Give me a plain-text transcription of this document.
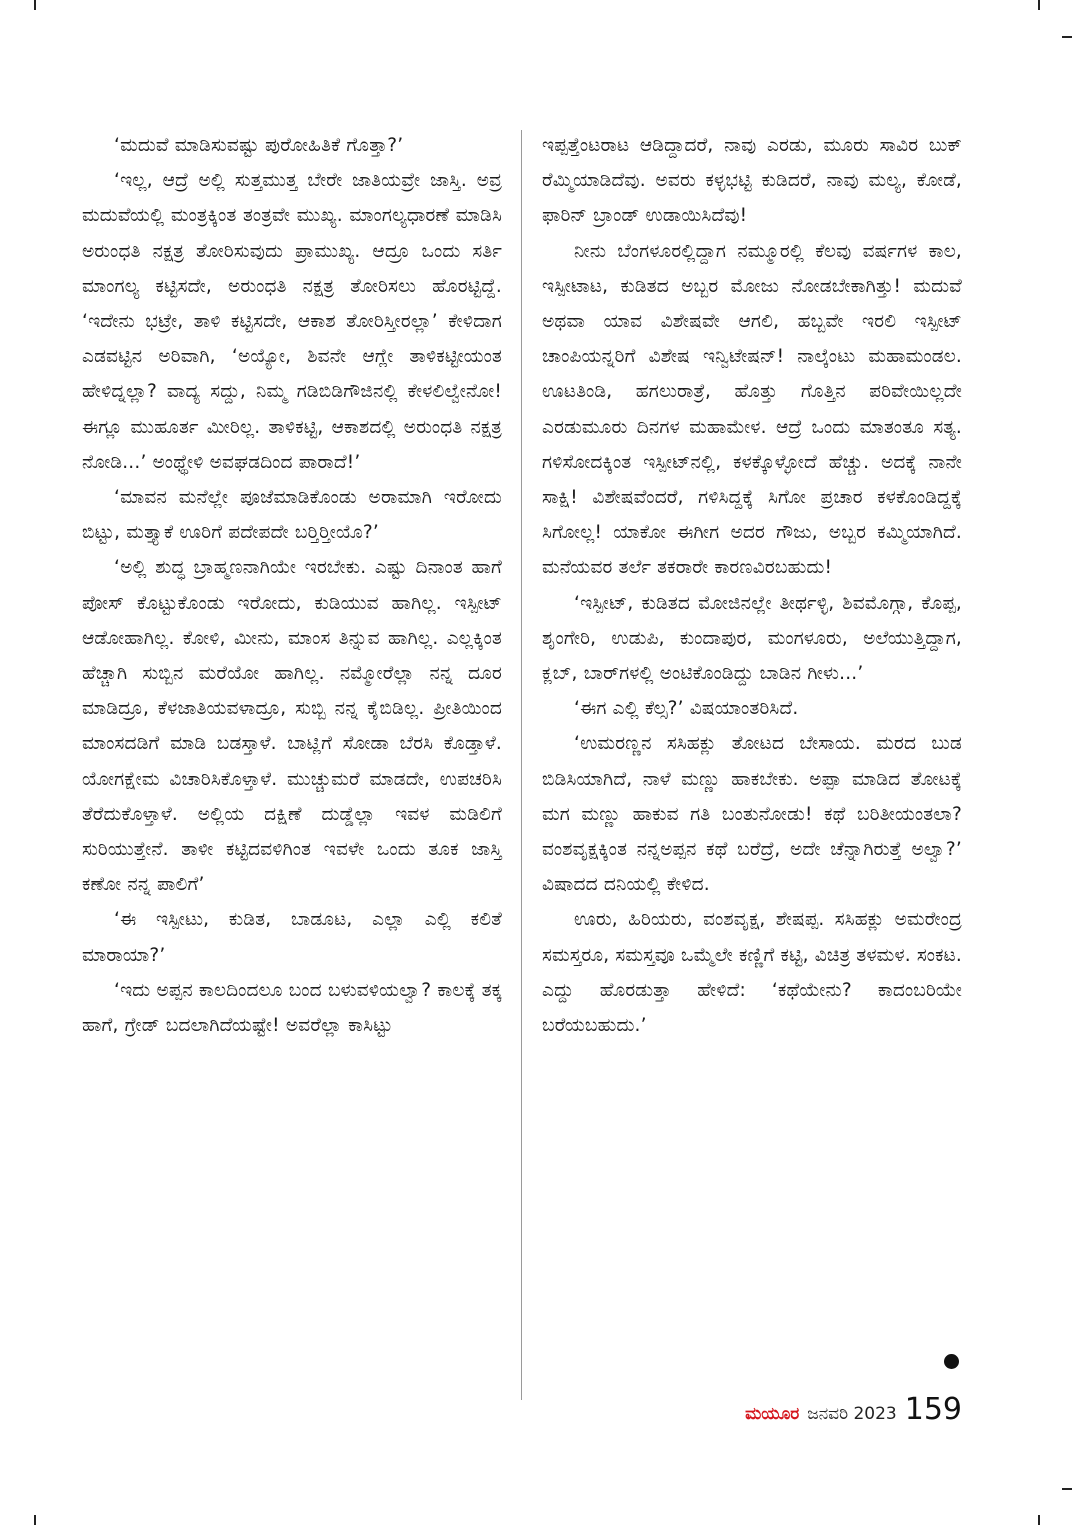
‘ಮದುವೆ ಮಾಡಿಸುವಷ್ಟು ಪುರೋಹಿತಿಕೆ ಗೊತ್ತಾ?’

‘ಇಲ್ಲ, ಆದ್ರೆ ಅಲ್ಲಿ ಸುತ್ತಮುತ್ತ ಬೇರೇ ಜಾತಿಯವ್ರೇ ಜಾಸ್ತಿ. ಅವ್ರ ಮದುವೆಯಲ್ಲಿ ಮಂತ್ರಕ್ಕಿಂತ ತಂತ್ರವೇ ಮುಖ್ಯ. ಮಾಂಗಲ್ಯಧಾರಣೆ ಮಾಡಿಸಿ ಅರುಂಧತಿ ನಕ್ಷತ್ರ ತೋರಿಸುವುದು ಪ್ರಾಮುಖ್ಯ. ಆದ್ರೂ ಒಂದು ಸರ್ತಿ ಮಾಂಗಲ್ಯ ಕಟ್ಟಿಸದೇ, ಅರುಂಧತಿ ನಕ್ಷತ್ರ ತೋರಿಸಲು ಹೊರಟ್ಟಿದ್ದೆ. ‘ಇದೇನು ಭಟ್ರೇ, ತಾಳಿ ಕಟ್ಟಿಸದೇ, ಆಕಾಶ ತೋರಿಸ್ತೀರಲ್ಲಾ’ ಕೇಳಿದಾಗ ಎಡವಟ್ಟಿನ ಅರಿವಾಗಿ, ‘ಅಯ್ಯೋ, ಶಿವನೇ ಆಗ್ಲೇ ತಾಳಿಕಟ್ಟೀಯಂತ ಹೇಳಿದ್ನಲ್ಲಾ? ವಾದ್ಯ ಸದ್ದು, ನಿಮ್ಮ ಗಡಿಬಿಡಿಗೌಜಿನಲ್ಲಿ ಕೇಳಲಿಲ್ವೇನೋ! ಈಗ್ಲೂ ಮುಹೂರ್ತ ಮೀರಿಲ್ಲ. ತಾಳಿಕಟ್ಟಿ, ಆಕಾಶದಲ್ಲಿ ಅರುಂಧತಿ ನಕ್ಷತ್ರ ನೋಡಿ...’ ಅಂಥ್ಥೇಳಿ ಅವಘಡದಿಂದ ಪಾರಾದೆ!’

‘ಮಾವನ ಮನೆಲ್ಲೇ ಪೂಜೆಮಾಡಿಕೊಂಡು ಅರಾಮಾಗಿ ಇರೋದು ಬಿಟ್ಟು, ಮತ್ತ್ಯಾಕೆ ಊರಿಗೆ ಪದೇಪದೇ ಬರ್‍ತಿರ್‍ತೀಯೊ?’

‘ಅಲ್ಲಿ ಶುದ್ಧ ಬ್ರಾಹ್ಮಣನಾಗಿಯೇ ಇರಬೇಕು. ಎಷ್ಟು ದಿನಾಂತ ಹಾಗೆ ಪೋಸ್ ಕೊಟ್ಟುಕೊಂಡು ಇರೋದು, ಕುಡಿಯುವ ಹಾಗಿಲ್ಲ. ಇಸ್ಪೀಟ್ ಆಡೋಹಾಗಿಲ್ಲ. ಕೋಳಿ, ಮೀನು, ಮಾಂಸ ತಿನ್ನುವ ಹಾಗಿಲ್ಲ. ಎಲ್ಲಕ್ಕಿಂತ ಹೆಚ್ಚಾಗಿ ಸುಬ್ಬಿನ ಮರೆಯೋ ಹಾಗಿಲ್ಲ. ನಮ್ಮೋರೆಲ್ಲಾ ನನ್ನ ದೂರ ಮಾಡಿದ್ರೂ, ಕೆಳಜಾತಿಯವಳಾದ್ರೂ, ಸುಬ್ಬಿ ನನ್ನ ಕೈಬಿಡಿಲ್ಲ. ಪ್ರೀತಿಯಿಂದ ಮಾಂಸದಡಿಗೆ ಮಾಡಿ ಬಡಸ್ತಾಳೆ. ಬಾಟ್ಲಿಗೆ ಸೋಡಾ ಬೆರಸಿ ಕೊಡ್ತಾಳೆ. ಯೋಗಕ್ಷೇಮ ವಿಚಾರಿಸಿಕೊಳ್ತಾಳೆ. ಮುಚ್ಚುಮರೆ ಮಾಡದೇ, ಉಪಚರಿಸಿ ತೆರೆದುಕೊಳ್ತಾಳೆ. ಅಲ್ಲಿಯ ದಕ್ಷಿಣೆ ದುಡ್ಡೆಲ್ಲಾ ಇವಳ ಮಡಿಲಿಗೆ ಸುರಿಯುತ್ತೇನೆ. ತಾಳೀ ಕಟ್ಟಿದವಳಿಗಿಂತ ಇವಳೇ ಒಂದು ತೂಕ ಜಾಸ್ತಿ ಕಣೋ ನನ್ನ ಪಾಲಿಗೆ’

‘ಈ ಇಸ್ಪೀಟು, ಕುಡಿತ, ಬಾಡೂಟ, ಎಲ್ಲಾ ಎಲ್ಲಿ ಕಲಿತೆ ಮಾರಾಯಾ?’

‘ಇದು ಅಪ್ಪನ ಕಾಲದಿಂದಲೂ ಬಂದ ಬಳುವಳಿಯಲ್ವಾ? ಕಾಲಕ್ಕೆ ತಕ್ಕ ಹಾಗೆ, ಗ್ರೇಡ್ ಬದಲಾಗಿದೆಯಷ್ಟೇ! ಅವರೆಲ್ಲಾ ಕಾಸಿಟ್ಟು

ಇಪ್ಪತ್ತೆಂಟರಾಟ ಆಡಿದ್ದಾದರೆ, ನಾವು ಎರಡು, ಮೂರು ಸಾವಿರ ಬುಕ್ ರೆಮ್ಮಿಯಾಡಿದೆವು. ಅವರು ಕಳ್ಳಭಟ್ಟಿ ಕುಡಿದರೆ, ನಾವು ಮಲ್ಯ, ಕೋಡೆ, ಫಾರಿನ್ ಬ್ರಾಂಡ್ ಉಡಾಯಿಸಿದೆವು!

ನೀನು ಬೆಂಗಳೂರಲ್ಲಿದ್ದಾಗ ನಮ್ಮೂರಲ್ಲಿ ಕೆಲವು ವರ್ಷಗಳ ಕಾಲ, ಇಸ್ಪೀಟಾಟ, ಕುಡಿತದ ಅಬ್ಬರ ಮೋಜು ನೋಡಬೇಕಾಗಿತ್ತು! ಮದುವೆ ಅಥವಾ ಯಾವ ವಿಶೇಷವೇ ಆಗಲಿ, ಹಬ್ಬವೇ ಇರಲಿ ಇಸ್ಪೀಟ್ ಚಾಂಪಿಯನ್ನರಿಗೆ ವಿಶೇಷ ಇನ್ವಿಟೇಷನ್! ನಾಲ್ಕೆಂಟು ಮಹಾಮಂಡಲ. ಊಟತಿಂಡಿ, ಹಗಲುರಾತ್ರೆ, ಹೊತ್ತು ಗೊತ್ತಿನ ಪರಿವೇಯಿಲ್ಲದೇ ಎರಡುಮೂರು ದಿನಗಳ ಮಹಾಮೇಳ. ಆದ್ರೆ ಒಂದು ಮಾತಂತೂ ಸತ್ಯ. ಗಳಿಸೋದಕ್ಕಿಂತ ಇಸ್ಪೀಟ್‌ನಲ್ಲಿ, ಕಳಕ್ಕೊಳ್ಳೋದೆ ಹೆಚ್ಚು. ಅದಕ್ಕೆ ನಾನೇ ಸಾಕ್ಷಿ! ವಿಶೇಷವೆಂದರೆ, ಗಳಿಸಿದ್ದಕ್ಕೆ ಸಿಗೋ ಪ್ರಚಾರ ಕಳಕೊಂಡಿದ್ದಕ್ಕೆ ಸಿಗೋಲ್ಲ! ಯಾಕೋ ಈಗೀಗ ಅದರ ಗೌಜು, ಅಬ್ಬರ ಕಮ್ಮಿಯಾಗಿದೆ. ಮನೆಯವರ ತರ್ಲೆ ತಕರಾರೇ ಕಾರಣವಿರಬಹುದು!

‘ಇಸ್ಪೀಟ್, ಕುಡಿತದ ಮೋಜಿನಲ್ಲೇ ತೀರ್ಥಳ್ಳಿ, ಶಿವಮೊಗ್ಗಾ, ಕೊಪ್ಪ, ಶೃಂಗೇರಿ, ಉಡುಪಿ, ಕುಂದಾಪುರ, ಮಂಗಳೂರು, ಅಲೆಯುತ್ತಿದ್ದಾಗ, ಕ್ಲಬ್, ಬಾರ್‌ಗಳಲ್ಲಿ ಅಂಟಿಕೊಂಡಿದ್ದು ಬಾಡಿನ ಗೀಳು...’

‘ಈಗ ಎಲ್ಲಿ ಕೆಲ್ಸ?’ ವಿಷಯಾಂತರಿಸಿದೆ.

‘ಉಮರಣ್ಣನ ಸಸಿಹಕ್ಲು ತೋಟದ ಬೇಸಾಯ. ಮರದ ಬುಡ ಬಿಡಿಸಿಯಾಗಿದೆ, ನಾಳೆ ಮಣ್ಣು ಹಾಕಬೇಕು. ಅಪ್ಪಾ ಮಾಡಿದ ತೋಟಕ್ಕೆ ಮಗ ಮಣ್ಣು ಹಾಕುವ ಗತಿ ಬಂತುನೋಡು! ಕಥೆ ಬರಿತೀಯಂತಲಾ? ವಂಶವೃಕ್ಷಕ್ಕಿಂತ ನನ್ನಅಪ್ಪನ ಕಥೆ ಬರೆದ್ರೆ, ಅದೇ ಚೆನ್ನಾಗಿರುತ್ತೆ ಅಲ್ವಾ?’ ವಿಷಾದದ ದನಿಯಲ್ಲಿ ಕೇಳಿದ.

ಊರು, ಹಿರಿಯರು, ವಂಶವೃಕ್ಷ, ಶೇಷಪ್ಪ. ಸಸಿಹಕ್ಲು ಅಮರೇಂದ್ರ ಸಮಸ್ತರೂ, ಸಮಸ್ತವೂ ಒಮ್ಮೆಲೇ ಕಣ್ಣಿಗೆ ಕಟ್ಟಿ, ವಿಚಿತ್ರ ತಳಮಳ. ಸಂಕಟ. ಎದ್ದು ಹೊರಡುತ್ತಾ ಹೇಳಿದೆ: ‘ಕಥೆಯೇನು? ಕಾದಂಬರಿಯೇ ಬರೆಯಬಹುದು.’

ಮಯೂರ ಜನವರಿ 2023 159
